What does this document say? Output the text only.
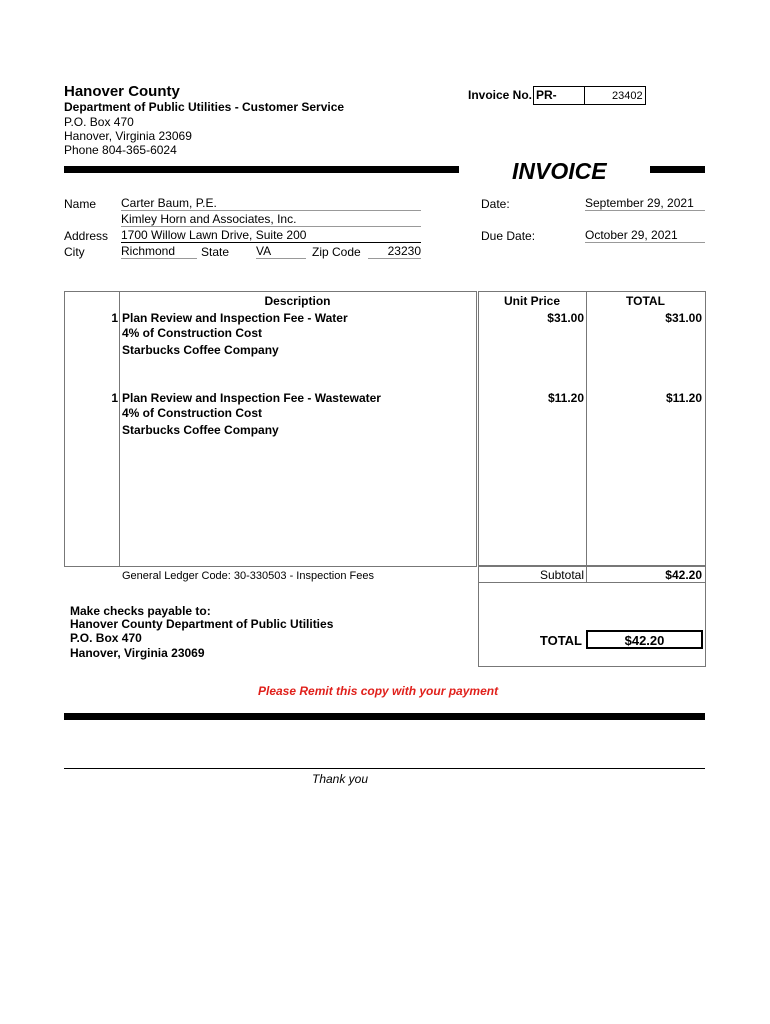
Hanover County
Department of Public Utilities - Customer Service
P.O. Box 470
Hanover, Virginia 23069
Phone 804-365-6024
Invoice No. PR-	23402
INVOICE
Name Carter Baum, P.E.
Kimley Horn and Associates, Inc.
Address 1700 Willow Lawn Drive, Suite 200
City	Richmond	State VA	Zip Code	23230
Date:	September 29, 2021
Due Date:	October 29, 2021
Description	Unit Price	TOTAL
1 Plan Review and Inspection Fee - Water
4% of Construction Cost
Starbucks Coffee Company
$31.00	$31.00
1 Plan Review and Inspection Fee - Wastewater
4% of Construction Cost
Starbucks Coffee Company
$11.20	$11.20
General Ledger Code: 30-330503 - Inspection Fees	Subtotal	$42.20
TOTAL	$42.20
Make checks payable to:
Hanover County Department of Public Utilities
P.O. Box 470
Hanover, Virginia 23069
Please Remit this copy with your payment
Thank you
